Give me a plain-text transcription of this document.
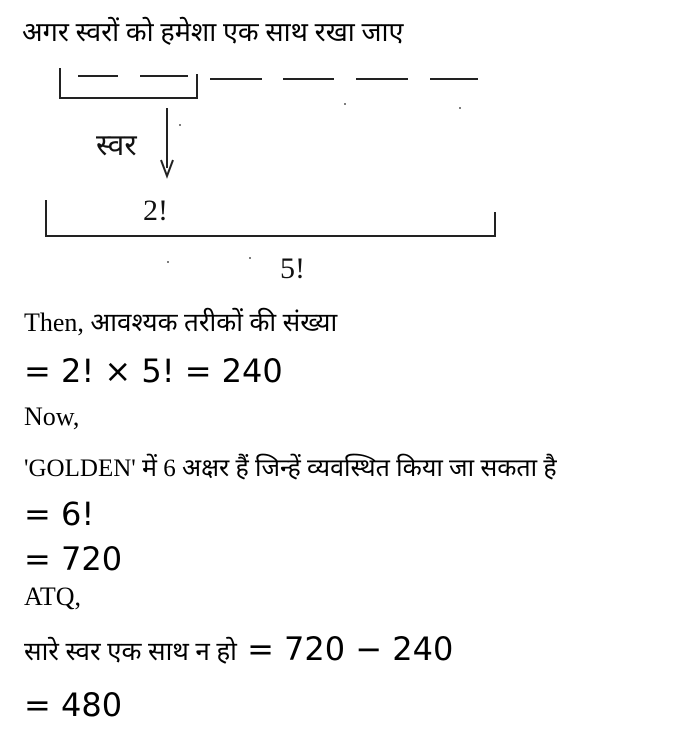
अगर स्वरों को हमेशा एक साथ रखा जाए
स्वर
2!
5!
Then, आवश्यक तरीकों की संख्या
= 2! × 5! = 240
Now,
'GOLDEN' में 6 अक्षर हैं जिन्हें व्यवस्थित किया जा सकता है
= 6!
= 720
ATQ,
सारे स्वर एक साथ न हो = 720 − 240
= 480
